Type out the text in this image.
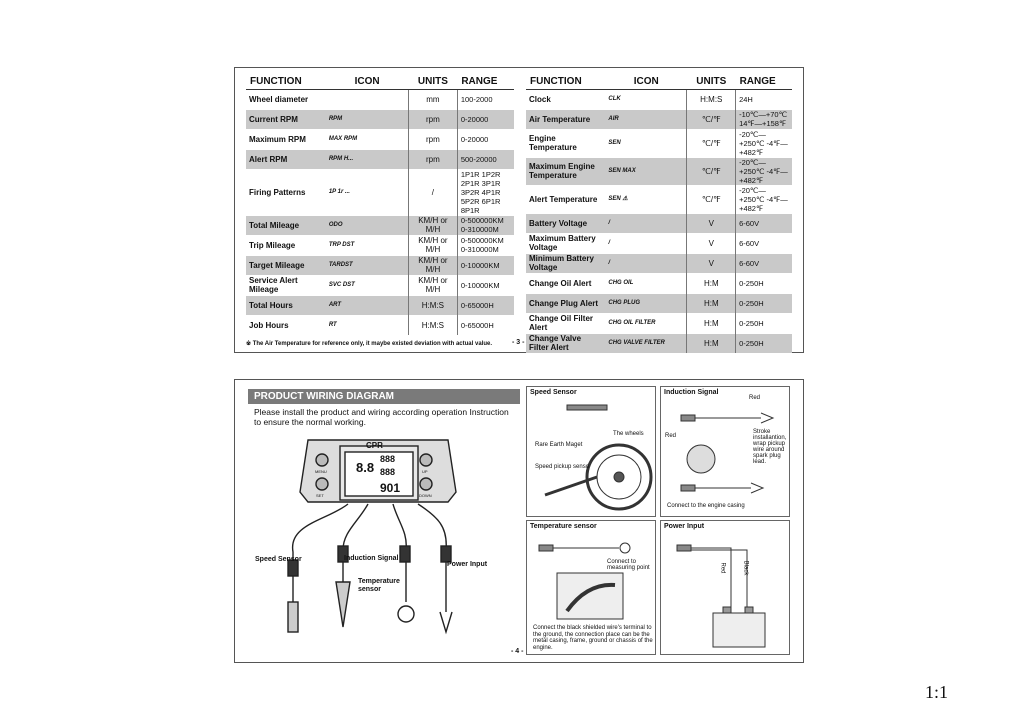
FUNCTION	ICON	UNITS	RANGE
Wheel diameter		mm	100-2000
Current RPM	RPM	rpm	0-20000
Maximum RPM	MAX RPM	rpm	0-20000
Alert RPM	RPM H...	rpm	500-20000
Firing Patterns	1P 1r ...	/	1P1R 1P2R 2P1R 3P1R 3P2R 4P1R 5P2R 6P1R 8P1R
Total Mileage	ODO	KM/H or M/H	0-500000KM 0-310000M
Trip Mileage	TRP DST	KM/H or M/H	0-500000KM 0-310000M
Target Mileage	TARDST	KM/H or M/H	0-10000KM
Service Alert Mileage	SVC DST	KM/H or M/H	0-10000KM
Total Hours	ART	H:M:S	0-65000H
Job Hours	RT	H:M:S	0-65000H
FUNCTION	ICON	UNITS	RANGE
Clock	CLK	H:M:S	24H
Air Temperature	AIR	℃/℉	-10℃—+70℃ 14℉—+158℉
Engine Temperature	SEN	℃/℉	-20℃—+250℃ -4℉—+482℉
Maximum Engine Temperature	SEN MAX	℃/℉	-20℃—+250℃ -4℉—+482℉
Alert Temperature	SEN ⚠	℃/℉	-20℃—+250℃ -4℉—+482℉
Battery Voltage	/	V	6-60V
Maximum Battery Voltage	/	V	6-60V
Minimum Battery Voltage	/	V	6-60V
Change Oil Alert	CHG OIL	H:M	0-250H
Change Plug Alert	CHG PLUG	H:M	0-250H
Change Oil Filter Alert	CHG OIL FILTER	H:M	0-250H
Change Valve Filter Alert	CHG VALVE FILTER	H:M	0-250H
※ The Air Temperature for reference only, it maybe existed deviation with actual value.	- 3 -
PRODUCT WIRING DIAGRAM
Please install the product and wiring according operation Instruction to ensure the normal working.
CPR
MENU	UP
SET	DOWN
888
888
8.8
901
Speed Sensor	Induction Signal
Temperature sensor
Power Input
- 4 -
Speed Sensor
The wheels
Rare Earth Maget
Speed pickup senso
Induction Signal
Red
Red
Stroke installantion, wrap pickup wire around spark plug lead.
Connect to the engine casing
Temperature sensor
Connect to measuring point
Connect the black shielded wire's terminal to the ground, the connection place can be the metal casing, frame, ground or chassis of the engine.
Power Input
Red	Black
1:1
